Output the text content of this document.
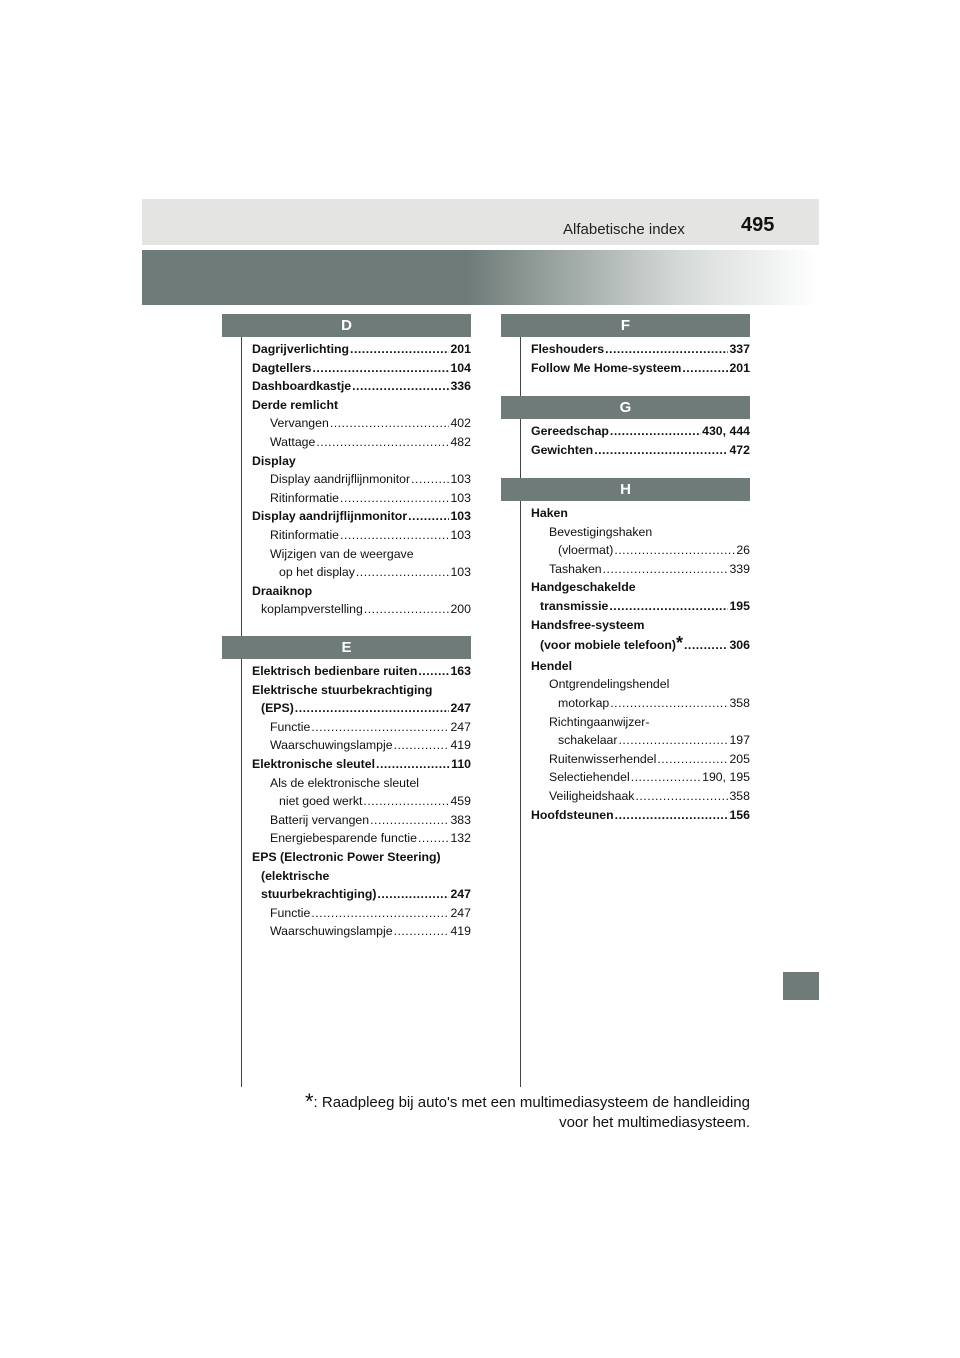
Alfabetische index	495
D
E
F
G
H
Dagrijverlichting .....	201
Dagtellers .....	104
Dashboardkastje .....	336
Derde remlicht
Vervangen .....	402
Wattage .....	482
Display
Display aandrijflijnmonitor .....	103
Ritinformatie .....	103
Display aandrijflijnmonitor .....	103
Ritinformatie .....	103
Wijzigen van de weergave
op het display .....	103
Draaiknop
koplampverstelling .....	200
Elektrisch bedienbare ruiten .....	163
Elektrische stuurbekrachtiging
(EPS) .....	247
Functie .....	247
Waarschuwingslampje .....	419
Elektronische sleutel .....	110
Als de elektronische sleutel
niet goed werkt .....	459
Batterij vervangen .....	383
Energiebesparende functie .....	132
EPS (Electronic Power Steering)
(elektrische
stuurbekrachtiging) .....	247
Functie .....	247
Waarschuwingslampje .....	419
Fleshouders .....	337
Follow Me Home-systeem .....	201
Gereedschap .....	430, 444
Gewichten .....	472
Haken
Bevestigingshaken
(vloermat) .....	26
Tashaken .....	339
Handgeschakelde
transmissie .....	195
Handsfree-systeem
(voor mobiele telefoon) * .....	306
Hendel
Ontgrendelingshendel
motorkap .....	358
Richtingaanwijzer-
schakelaar .....	197
Ruitenwisserhendel .....	205
Selectiehendel .....	190, 195
Veiligheidshaak .....	358
Hoofdsteunen .....	156
*: Raadpleeg bij auto's met een multimediasysteem de handleiding
voor het multimediasysteem.
